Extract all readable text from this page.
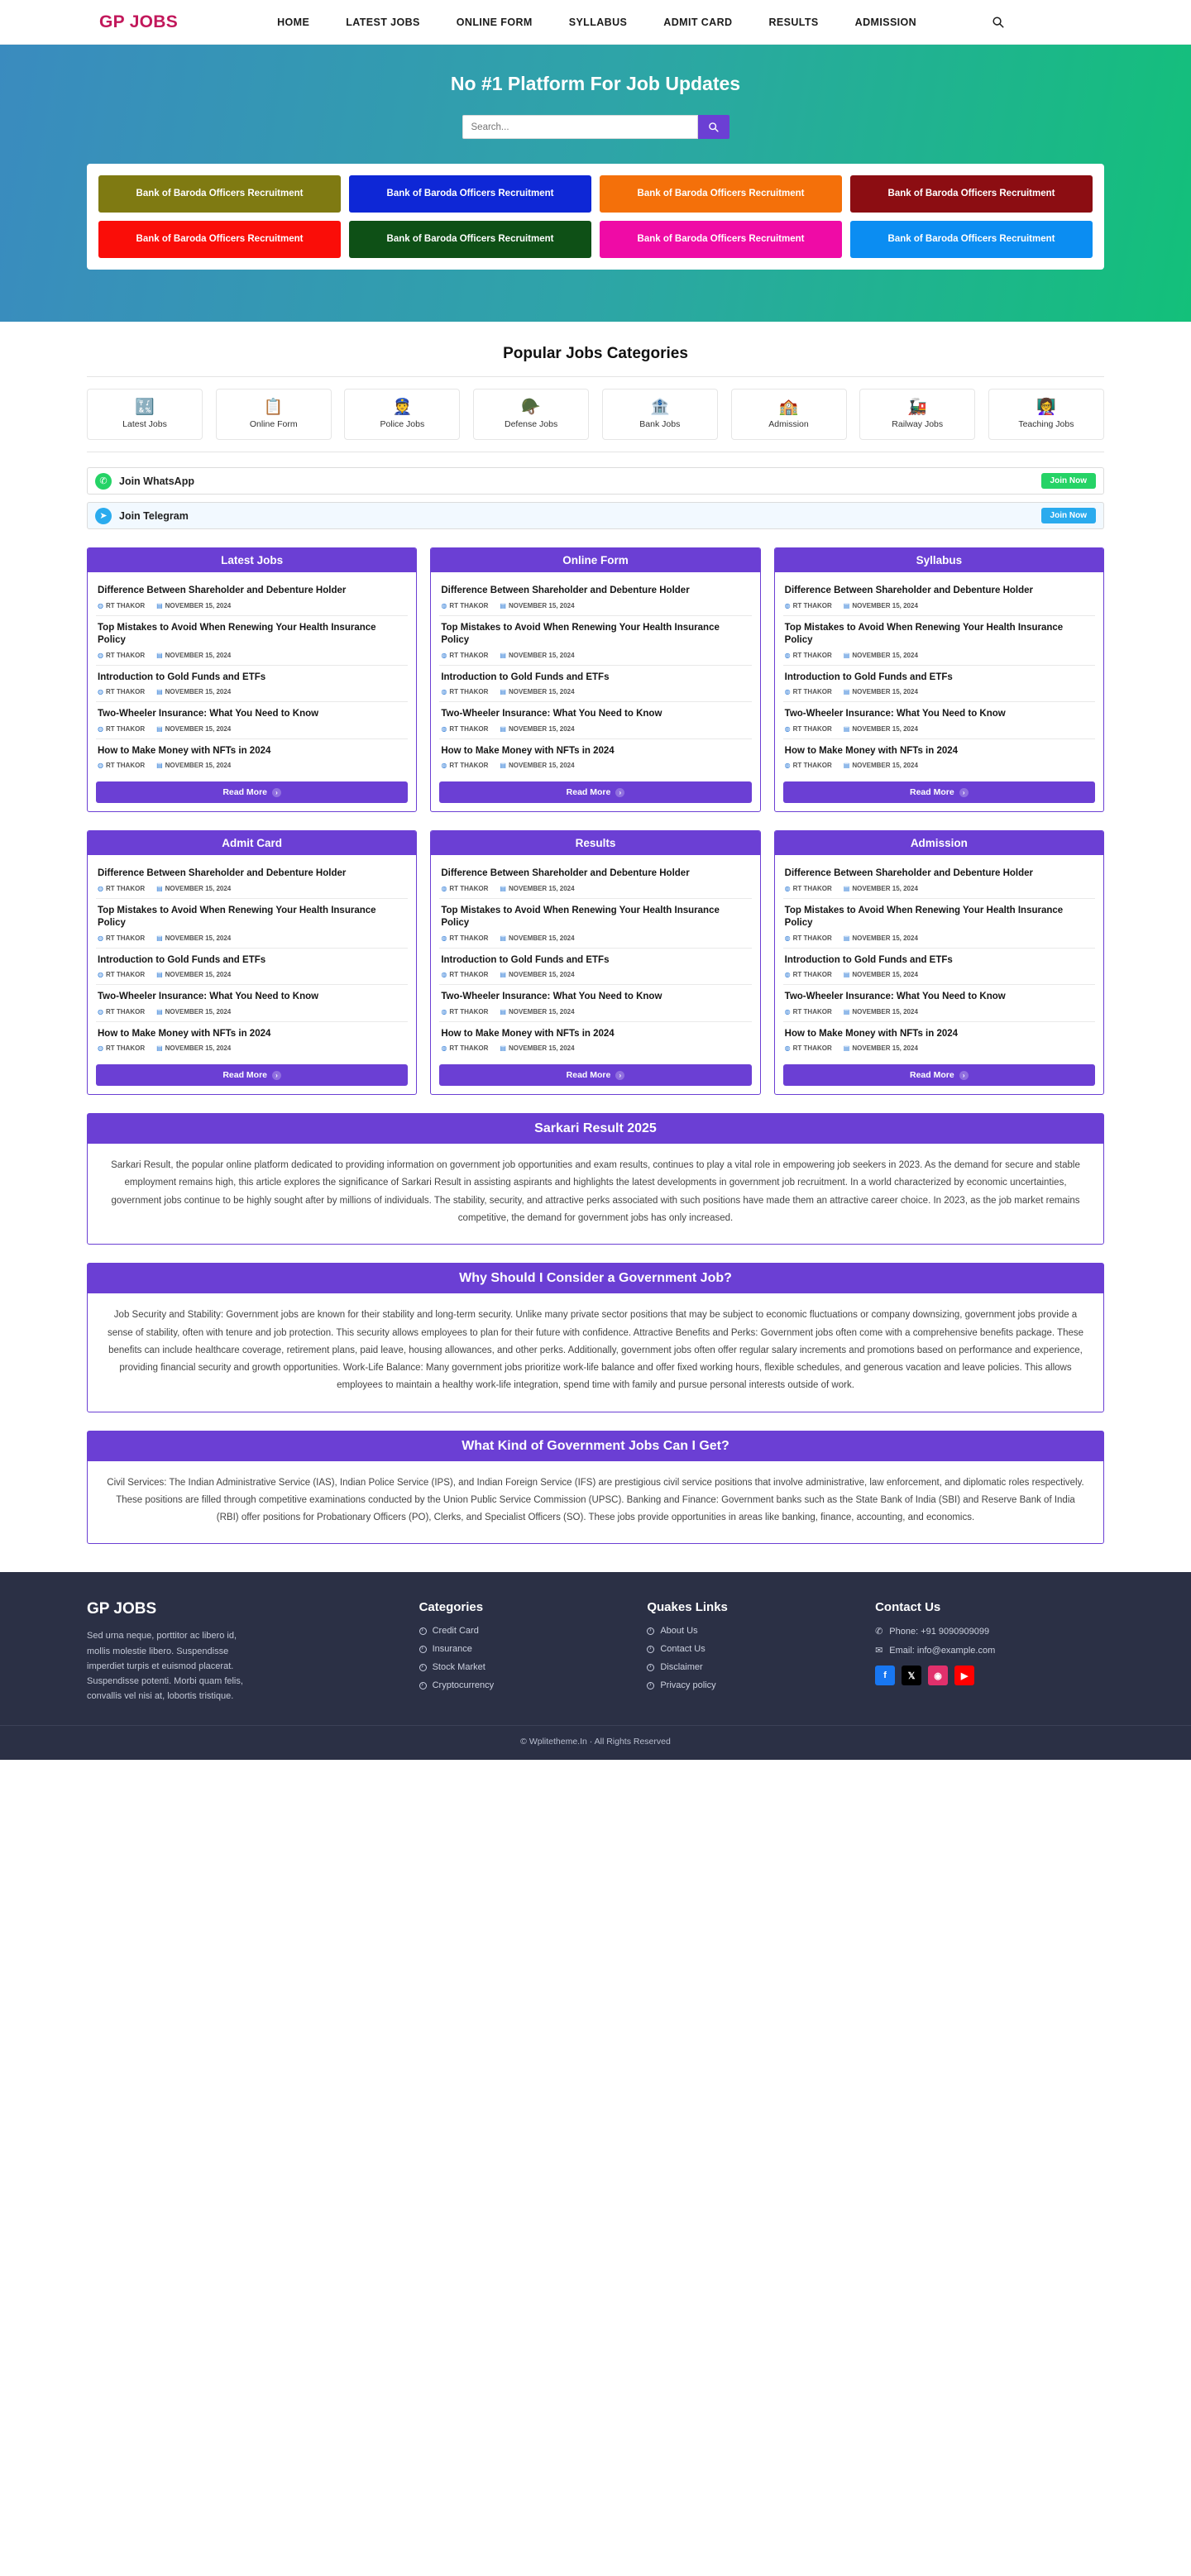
GP JOBS	HOME	LATEST JOBS	ONLINE FORM	SYLLABUS	ADMIT CARD	RESULTS	ADMISSION
No #1 Platform For Job Updates
Search...
Bank of Baroda Officers Recruitment	Bank of Baroda Officers Recruitment	Bank of Baroda Officers Recruitment	Bank of Baroda Officers Recruitment
Bank of Baroda Officers Recruitment	Bank of Baroda Officers Recruitment	Bank of Baroda Officers Recruitment	Bank of Baroda Officers Recruitment
Popular Jobs Categories
🔣
Latest Jobs
📋
Online Form
👮
Police Jobs
🪖
Defense Jobs
🏦
Bank Jobs
🏫
Admission
🚂
Railway Jobs
👩‍🏫
Teaching Jobs
✆	Join WhatsApp	Join Now
➤	Join Telegram	Join Now
Latest Jobs
Difference Between Shareholder and Debenture Holder
◍ RT THAKOR ▤ NOVEMBER 15, 2024
Top Mistakes to Avoid When Renewing Your Health Insurance Policy
◍ RT THAKOR ▤ NOVEMBER 15, 2024
Introduction to Gold Funds and ETFs
◍ RT THAKOR ▤ NOVEMBER 15, 2024
Two-Wheeler Insurance: What You Need to Know
◍ RT THAKOR ▤ NOVEMBER 15, 2024
How to Make Money with NFTs in 2024
◍ RT THAKOR ▤ NOVEMBER 15, 2024
Read More ›
Online Form
Difference Between Shareholder and Debenture Holder
◍ RT THAKOR ▤ NOVEMBER 15, 2024
Top Mistakes to Avoid When Renewing Your Health Insurance Policy
◍ RT THAKOR ▤ NOVEMBER 15, 2024
Introduction to Gold Funds and ETFs
◍ RT THAKOR ▤ NOVEMBER 15, 2024
Two-Wheeler Insurance: What You Need to Know
◍ RT THAKOR ▤ NOVEMBER 15, 2024
How to Make Money with NFTs in 2024
◍ RT THAKOR ▤ NOVEMBER 15, 2024
Read More ›
Syllabus
Difference Between Shareholder and Debenture Holder
◍ RT THAKOR ▤ NOVEMBER 15, 2024
Top Mistakes to Avoid When Renewing Your Health Insurance Policy
◍ RT THAKOR ▤ NOVEMBER 15, 2024
Introduction to Gold Funds and ETFs
◍ RT THAKOR ▤ NOVEMBER 15, 2024
Two-Wheeler Insurance: What You Need to Know
◍ RT THAKOR ▤ NOVEMBER 15, 2024
How to Make Money with NFTs in 2024
◍ RT THAKOR ▤ NOVEMBER 15, 2024
Read More ›
Admit Card
Difference Between Shareholder and Debenture Holder
◍ RT THAKOR ▤ NOVEMBER 15, 2024
Top Mistakes to Avoid When Renewing Your Health Insurance Policy
◍ RT THAKOR ▤ NOVEMBER 15, 2024
Introduction to Gold Funds and ETFs
◍ RT THAKOR ▤ NOVEMBER 15, 2024
Two-Wheeler Insurance: What You Need to Know
◍ RT THAKOR ▤ NOVEMBER 15, 2024
How to Make Money with NFTs in 2024
◍ RT THAKOR ▤ NOVEMBER 15, 2024
Read More ›
Results
Difference Between Shareholder and Debenture Holder
◍ RT THAKOR ▤ NOVEMBER 15, 2024
Top Mistakes to Avoid When Renewing Your Health Insurance Policy
◍ RT THAKOR ▤ NOVEMBER 15, 2024
Introduction to Gold Funds and ETFs
◍ RT THAKOR ▤ NOVEMBER 15, 2024
Two-Wheeler Insurance: What You Need to Know
◍ RT THAKOR ▤ NOVEMBER 15, 2024
How to Make Money with NFTs in 2024
◍ RT THAKOR ▤ NOVEMBER 15, 2024
Read More ›
Admission
Difference Between Shareholder and Debenture Holder
◍ RT THAKOR ▤ NOVEMBER 15, 2024
Top Mistakes to Avoid When Renewing Your Health Insurance Policy
◍ RT THAKOR ▤ NOVEMBER 15, 2024
Introduction to Gold Funds and ETFs
◍ RT THAKOR ▤ NOVEMBER 15, 2024
Two-Wheeler Insurance: What You Need to Know
◍ RT THAKOR ▤ NOVEMBER 15, 2024
How to Make Money with NFTs in 2024
◍ RT THAKOR ▤ NOVEMBER 15, 2024
Read More ›
Sarkari Result 2025
Sarkari Result, the popular online platform dedicated to providing information on government job opportunities and exam results, continues to play a vital role in empowering job seekers in 2023. As the demand for secure and stable employment remains high, this article explores the significance of Sarkari Result in assisting aspirants and highlights the latest developments in government job recruitment. In a world characterized by economic uncertainties, government jobs continue to be highly sought after by millions of individuals. The stability, security, and attractive perks associated with such positions have made them an attractive career choice. In 2023, as the job market remains competitive, the demand for government jobs has only increased.
Why Should I Consider a Government Job?
Job Security and Stability: Government jobs are known for their stability and long-term security. Unlike many private sector positions that may be subject to economic fluctuations or company downsizing, government jobs provide a sense of stability, often with tenure and job protection. This security allows employees to plan for their future with confidence. Attractive Benefits and Perks: Government jobs often come with a comprehensive benefits package. These benefits can include healthcare coverage, retirement plans, paid leave, housing allowances, and other perks. Additionally, government jobs often offer regular salary increments and promotions based on performance and experience, providing financial security and growth opportunities. Work-Life Balance: Many government jobs prioritize work-life balance and offer fixed working hours, flexible schedules, and generous vacation and leave policies. This allows employees to maintain a healthy work-life integration, spend time with family and pursue personal interests outside of work.
What Kind of Government Jobs Can I Get?
Civil Services: The Indian Administrative Service (IAS), Indian Police Service (IPS), and Indian Foreign Service (IFS) are prestigious civil service positions that involve administrative, law enforcement, and diplomatic roles respectively. These positions are filled through competitive examinations conducted by the Union Public Service Commission (UPSC). Banking and Finance: Government banks such as the State Bank of India (SBI) and Reserve Bank of India (RBI) offer positions for Probationary Officers (PO), Clerks, and Specialist Officers (SO). These jobs provide opportunities in areas like banking, finance, accounting, and economics.
GP JOBS
Sed urna neque, porttitor ac libero id, mollis molestie libero. Suspendisse imperdiet turpis et euismod placerat. Suspendisse potenti. Morbi quam felis, convallis vel nisi at, lobortis tristique.
Categories
›
Credit Card
›
Insurance
›
Stock Market
›
Cryptocurrency
Quakes Links
›
About Us
›
Contact Us
›
Disclaimer
›
Privacy policy
Contact Us
✆ Phone: +91 9090909099
✉ Email: info@example.com
f	𝕏	◉	▶
© Wplitetheme.In · All Rights Reserved
